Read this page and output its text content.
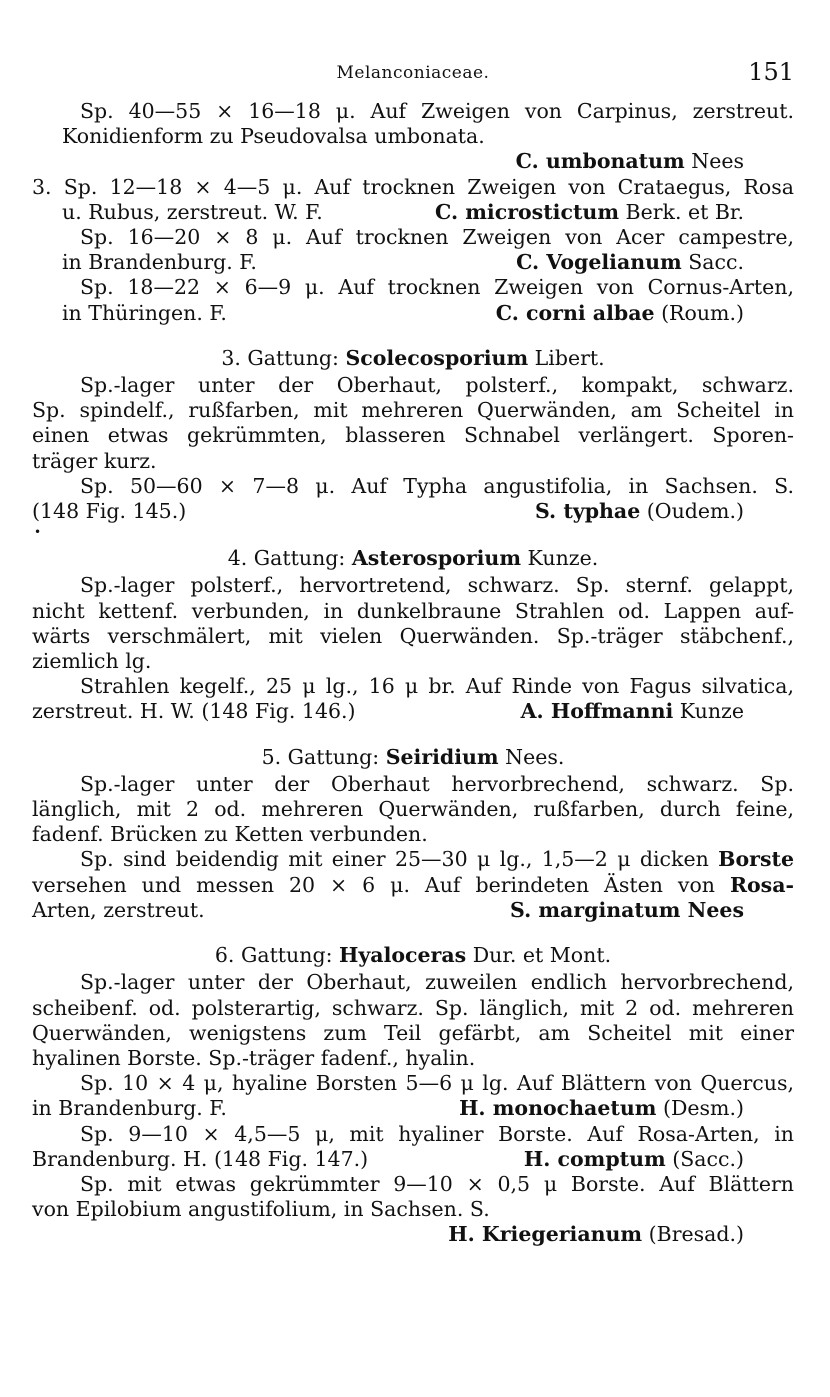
Melanconiaceae.	151
Sp. 40—55 × 16—18 μ. Auf Zweigen von Carpinus, zerstreut.
Konidienform zu Pseudovalsa umbonata.
C. umbonatum Nees
3. Sp. 12—18 × 4—5 μ. Auf trocknen Zweigen von Crataegus, Rosa
u. Rubus, zerstreut. W. F.	C. microstictum Berk. et Br.
Sp. 16—20 × 8 μ. Auf trocknen Zweigen von Acer campestre,
in Brandenburg. F.	C. Vogelianum Sacc.
Sp. 18—22 × 6—9 μ. Auf trocknen Zweigen von Cornus-Arten,
in Thüringen. F.	C. corni albae (Roum.)
3. Gattung: Scolecosporium Libert.
Sp.-lager unter der Oberhaut, polsterf., kompakt, schwarz.
Sp. spindelf., rußfarben, mit mehreren Querwänden, am Scheitel in
einen etwas gekrümmten, blasseren Schnabel verlängert. Sporen-
träger kurz.
Sp. 50—60 × 7—8 μ. Auf Typha angustifolia, in Sachsen. S.
(148 Fig. 145.)	S. typhae (Oudem.)
•
4. Gattung: Asterosporium Kunze.
Sp.-lager polsterf., hervortretend, schwarz. Sp. sternf. gelappt,
nicht kettenf. verbunden, in dunkelbraune Strahlen od. Lappen auf-
wärts verschmälert, mit vielen Querwänden. Sp.-träger stäbchenf.,
ziemlich lg.
Strahlen kegelf., 25 μ lg., 16 μ br. Auf Rinde von Fagus silvatica,
zerstreut. H. W. (148 Fig. 146.)	A. Hoffmanni Kunze
5. Gattung: Seiridium Nees.
Sp.-lager unter der Oberhaut hervorbrechend, schwarz. Sp.
länglich, mit 2 od. mehreren Querwänden, rußfarben, durch feine,
fadenf. Brücken zu Ketten verbunden.
Sp. sind beidendig mit einer 25—30 μ lg., 1,5—2 μ dicken Borste
versehen und messen 20 × 6 μ. Auf berindeten Ästen von Rosa-
Arten, zerstreut.	S. marginatum Nees
6. Gattung: Hyaloceras Dur. et Mont.
Sp.-lager unter der Oberhaut, zuweilen endlich hervorbrechend,
scheibenf. od. polsterartig, schwarz. Sp. länglich, mit 2 od. mehreren
Querwänden, wenigstens zum Teil gefärbt, am Scheitel mit einer
hyalinen Borste. Sp.-träger fadenf., hyalin.
Sp. 10 × 4 μ, hyaline Borsten 5—6 μ lg. Auf Blättern von Quercus,
in Brandenburg. F.	H. monochaetum (Desm.)
Sp. 9—10 × 4,5—5 μ, mit hyaliner Borste. Auf Rosa-Arten, in
Brandenburg. H. (148 Fig. 147.)	H. comptum (Sacc.)
Sp. mit etwas gekrümmter 9—10 × 0,5 μ Borste. Auf Blättern
von Epilobium angustifolium, in Sachsen. S.
H. Kriegerianum (Bresad.)
